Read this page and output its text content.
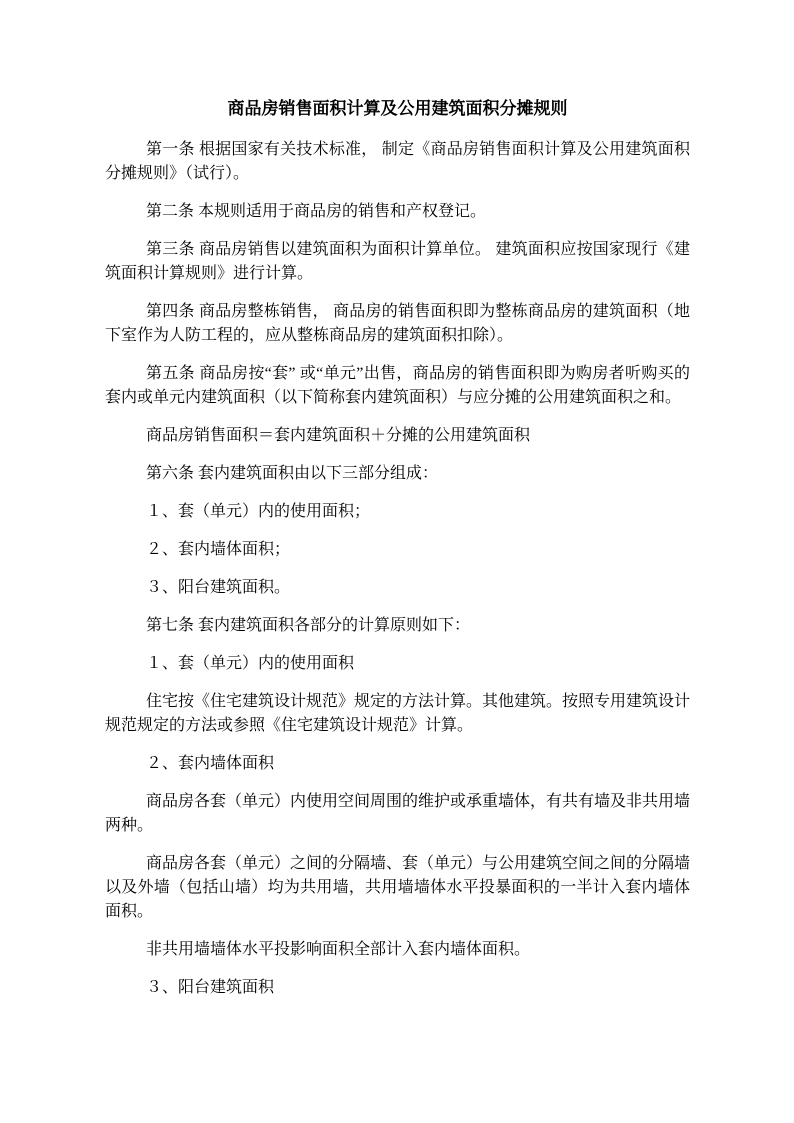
商品房销售面积计算及公用建筑面积分摊规则

第一条 根据国家有关技术标准， 制定《商品房销售面积计算及公用建筑面积分摊规则》（试行）。

第二条 本规则适用于商品房的销售和产权登记。

第三条 商品房销售以建筑面积为面积计算单位。 建筑面积应按国家现行《建筑面积计算规则》进行计算。

第四条 商品房整栋销售， 商品房的销售面积即为整栋商品房的建筑面积（地下室作为人防工程的，应从整栋商品房的建筑面积扣除）。

第五条 商品房按“套” 或“单元”出售，商品房的销售面积即为购房者听购买的套内或单元内建筑面积（以下简称套内建筑面积）与应分摊的公用建筑面积之和。

商品房销售面积＝套内建筑面积＋分摊的公用建筑面积

第六条 套内建筑面积由以下三部分组成：

１、套（单元）内的使用面积；

２、套内墙体面积；

３、阳台建筑面积。

第七条 套内建筑面积各部分的计算原则如下：

１、套（单元）内的使用面积

住宅按《住宅建筑设计规范》规定的方法计算。其他建筑。按照专用建筑设计规范规定的方法或参照《住宅建筑设计规范》计算。

２、套内墙体面积

商品房各套（单元）内使用空间周围的维护或承重墙体，有共有墙及非共用墙两种。

商品房各套（单元）之间的分隔墙、套（单元）与公用建筑空间之间的分隔墙以及外墙（包括山墙）均为共用墙，共用墙墙体水平投暴面积的一半计入套内墙体面积。

非共用墙墙体水平投影响面积全部计入套内墙体面积。

３、阳台建筑面积
